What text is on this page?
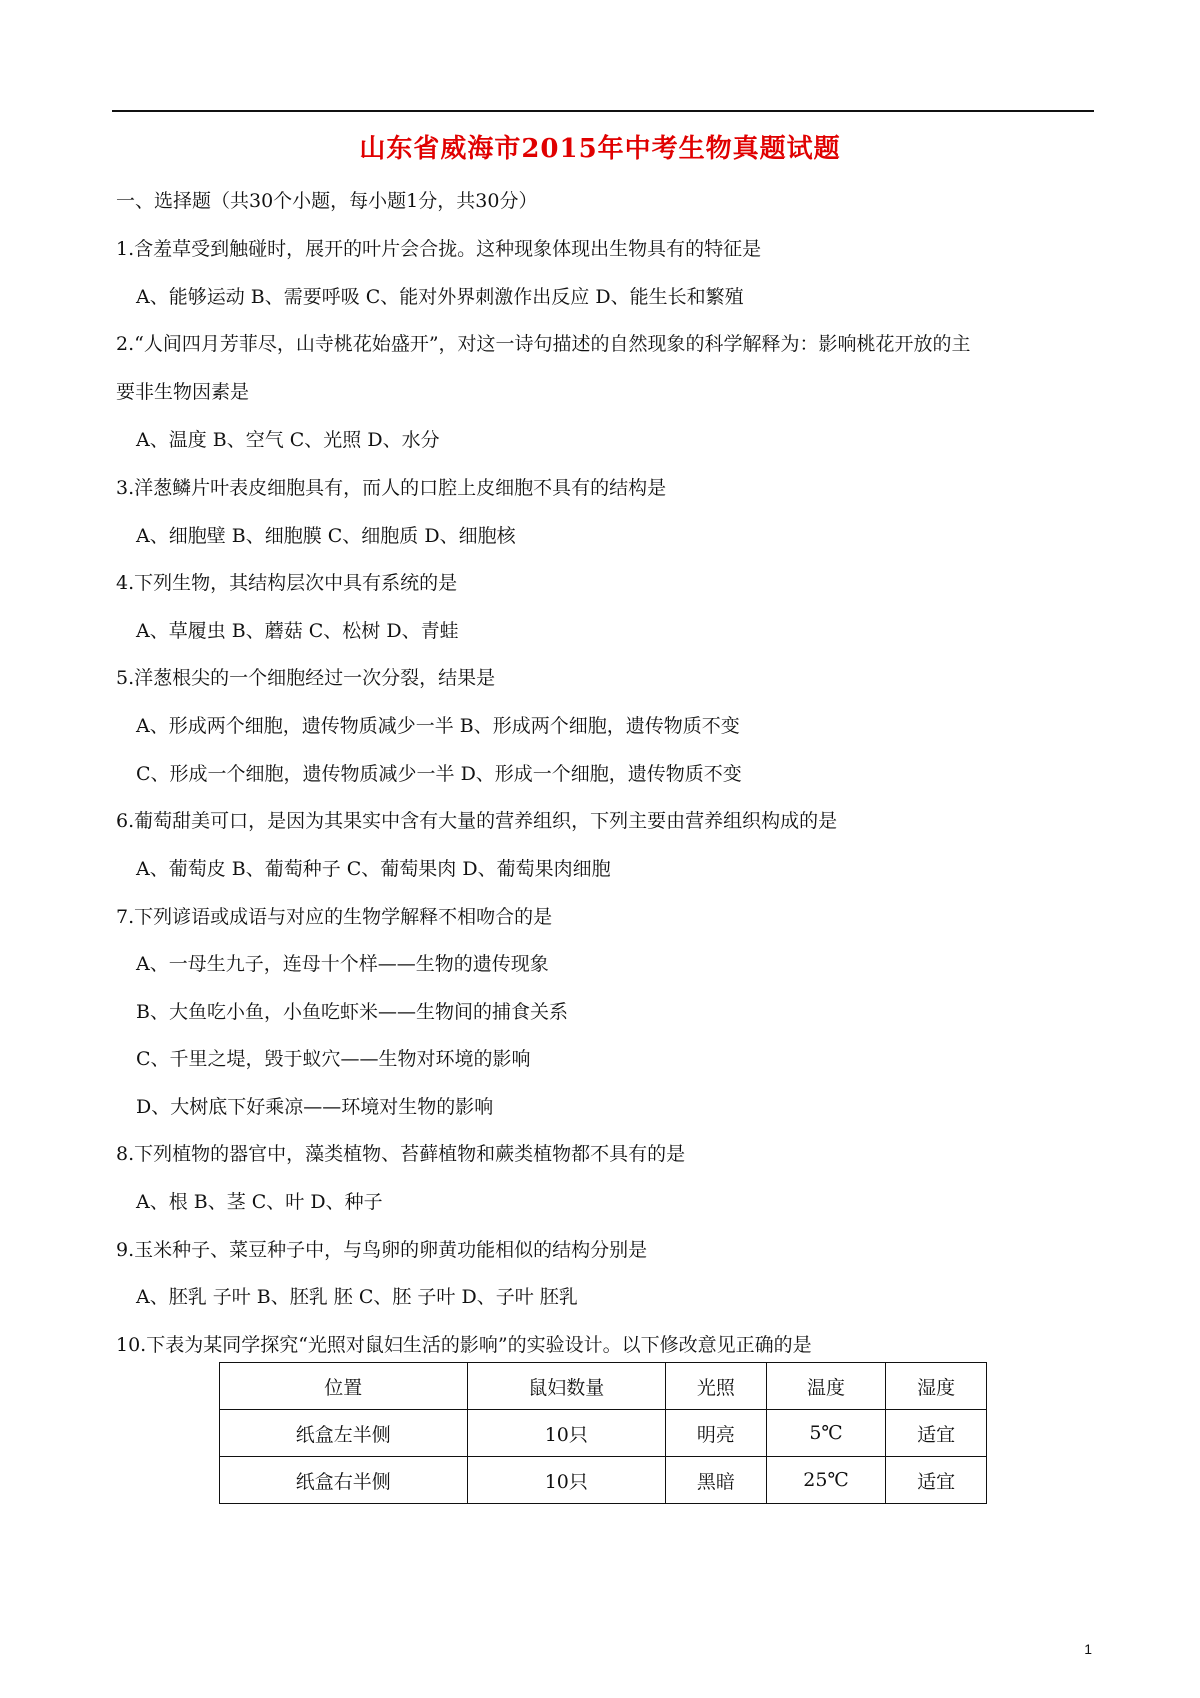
山东省威海市2015年中考生物真题试题
一、选择题（共30个小题，每小题1分，共30分）
1.含羞草受到触碰时，展开的叶片会合拢。这种现象体现出生物具有的特征是
A、能够运动 B、需要呼吸 C、能对外界刺激作出反应 D、能生长和繁殖
2.“人间四月芳菲尽，山寺桃花始盛开”，对这一诗句描述的自然现象的科学解释为：影响桃花开放的主
要非生物因素是
A、温度 B、空气 C、光照 D、水分
3.洋葱鳞片叶表皮细胞具有，而人的口腔上皮细胞不具有的结构是
A、细胞壁 B、细胞膜 C、细胞质 D、细胞核
4.下列生物，其结构层次中具有系统的是
A、草履虫 B、蘑菇 C、松树 D、青蛙
5.洋葱根尖的一个细胞经过一次分裂，结果是
A、形成两个细胞，遗传物质减少一半 B、形成两个细胞，遗传物质不变
C、形成一个细胞，遗传物质减少一半 D、形成一个细胞，遗传物质不变
6.葡萄甜美可口，是因为其果实中含有大量的营养组织，下列主要由营养组织构成的是
A、葡萄皮 B、葡萄种子 C、葡萄果肉 D、葡萄果肉细胞
7.下列谚语或成语与对应的生物学解释不相吻合的是
A、一母生九子，连母十个样——生物的遗传现象
B、大鱼吃小鱼，小鱼吃虾米——生物间的捕食关系
C、千里之堤，毁于蚁穴——生物对环境的影响
D、大树底下好乘凉——环境对生物的影响
8.下列植物的器官中，藻类植物、苔藓植物和蕨类植物都不具有的是
A、根 B、茎 C、叶 D、种子
9.玉米种子、菜豆种子中，与鸟卵的卵黄功能相似的结构分别是
A、胚乳 子叶 B、胚乳 胚 C、胚 子叶 D、子叶 胚乳
10.下表为某同学探究“光照对鼠妇生活的影响”的实验设计。以下修改意见正确的是
位置	鼠妇数量	光照	温度	湿度
纸盒左半侧	10只	明亮	5℃	适宜
纸盒右半侧	10只	黑暗	25℃	适宜
1
